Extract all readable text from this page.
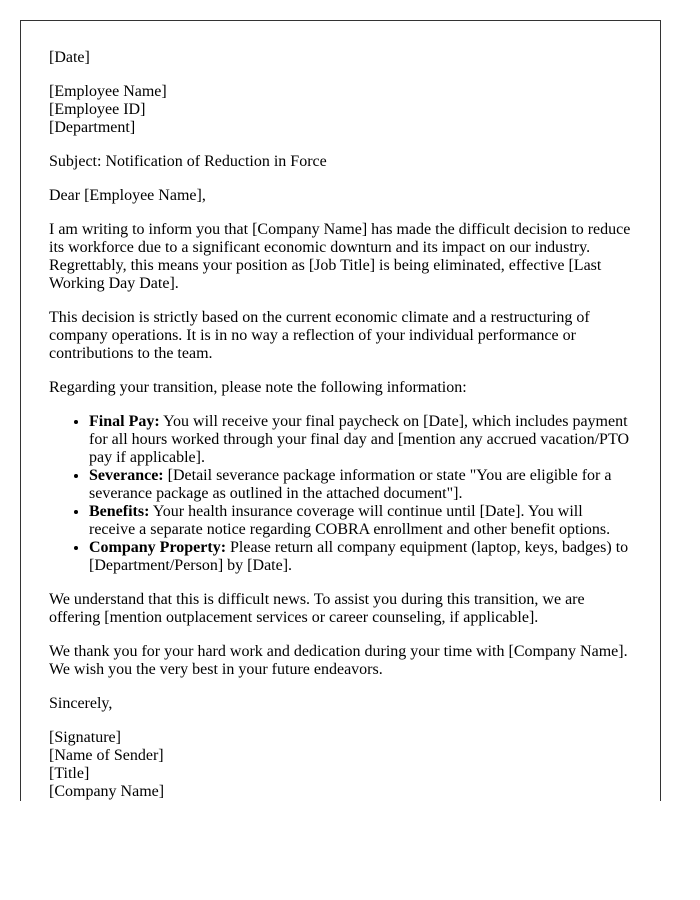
[Date]

[Employee Name]
[Employee ID]
[Department]

Subject: Notification of Reduction in Force

Dear [Employee Name],

I am writing to inform you that [Company Name] has made the difficult decision to reduce its workforce due to a significant economic downturn and its impact on our industry. Regrettably, this means your position as [Job Title] is being eliminated, effective [Last Working Day Date].

This decision is strictly based on the current economic climate and a restructuring of company operations. It is in no way a reflection of your individual performance or contributions to the team.

Regarding your transition, please note the following information:

• Final Pay: You will receive your final paycheck on [Date], which includes payment for all hours worked through your final day and [mention any accrued vacation/PTO pay if applicable].
• Severance: [Detail severance package information or state "You are eligible for a severance package as outlined in the attached document"].
• Benefits: Your health insurance coverage will continue until [Date]. You will receive a separate notice regarding COBRA enrollment and other benefit options.
• Company Property: Please return all company equipment (laptop, keys, badges) to [Department/Person] by [Date].

We understand that this is difficult news. To assist you during this transition, we are offering [mention outplacement services or career counseling, if applicable].

We thank you for your hard work and dedication during your time with [Company Name]. We wish you the very best in your future endeavors.

Sincerely,

[Signature]
[Name of Sender]
[Title]
[Company Name]
